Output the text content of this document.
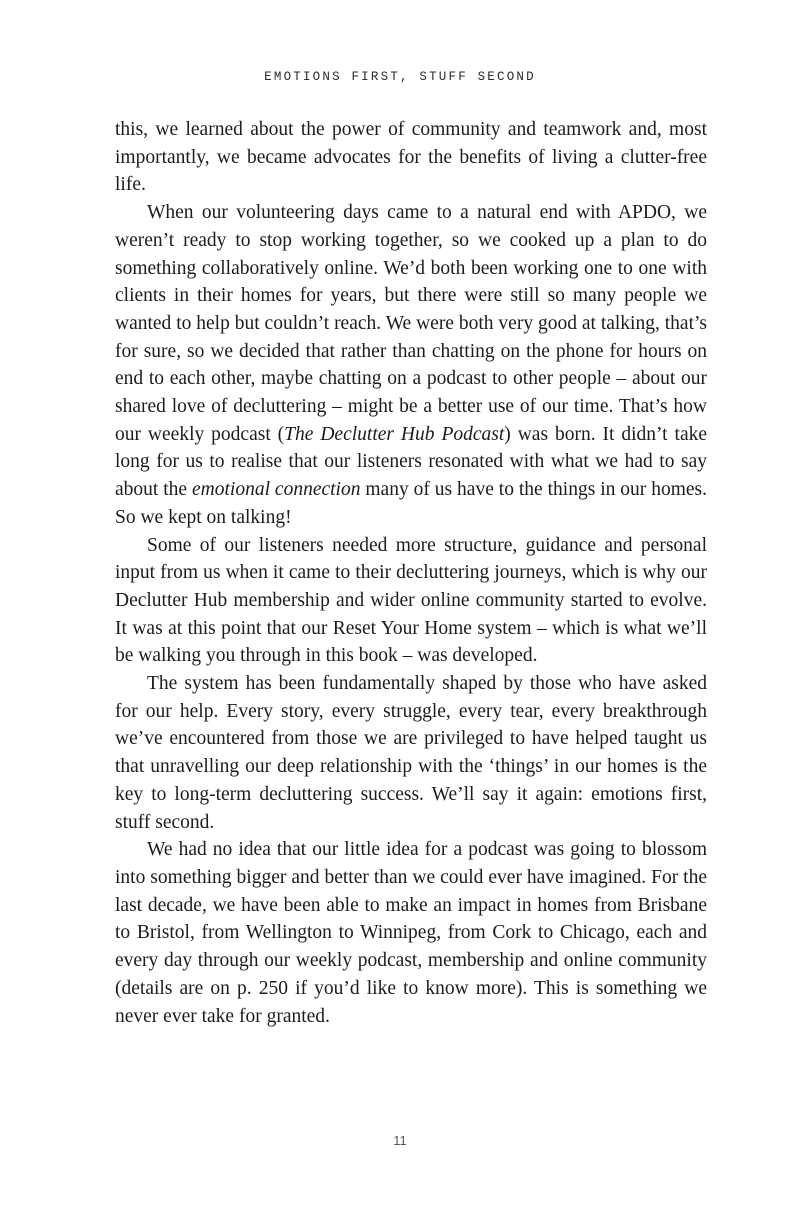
EMOTIONS FIRST, STUFF SECOND

this, we learned about the power of community and teamwork and, most importantly, we became advocates for the benefits of living a clutter-free life.

When our volunteering days came to a natural end with APDO, we weren’t ready to stop working together, so we cooked up a plan to do something collaboratively online. We’d both been working one to one with clients in their homes for years, but there were still so many people we wanted to help but couldn’t reach. We were both very good at talking, that’s for sure, so we decided that rather than chatting on the phone for hours on end to each other, maybe chatting on a podcast to other people – about our shared love of decluttering – might be a better use of our time. That’s how our weekly podcast (The Declutter Hub Podcast) was born. It didn’t take long for us to realise that our listeners resonated with what we had to say about the emotional connection many of us have to the things in our homes. So we kept on talking!

Some of our listeners needed more structure, guidance and personal input from us when it came to their decluttering journeys, which is why our Declutter Hub membership and wider online community started to evolve. It was at this point that our Reset Your Home system – which is what we’ll be walking you through in this book – was developed.

The system has been fundamentally shaped by those who have asked for our help. Every story, every struggle, every tear, every breakthrough we’ve encountered from those we are privileged to have helped taught us that unravelling our deep relationship with the ‘things’ in our homes is the key to long-term decluttering success. We’ll say it again: emotions first, stuff second.

We had no idea that our little idea for a podcast was going to blossom into something bigger and better than we could ever have imagined. For the last decade, we have been able to make an impact in homes from Brisbane to Bristol, from Wellington to Winnipeg, from Cork to Chicago, each and every day through our weekly podcast, membership and online community (details are on p. 250 if you’d like to know more). This is something we never ever take for granted.

11
